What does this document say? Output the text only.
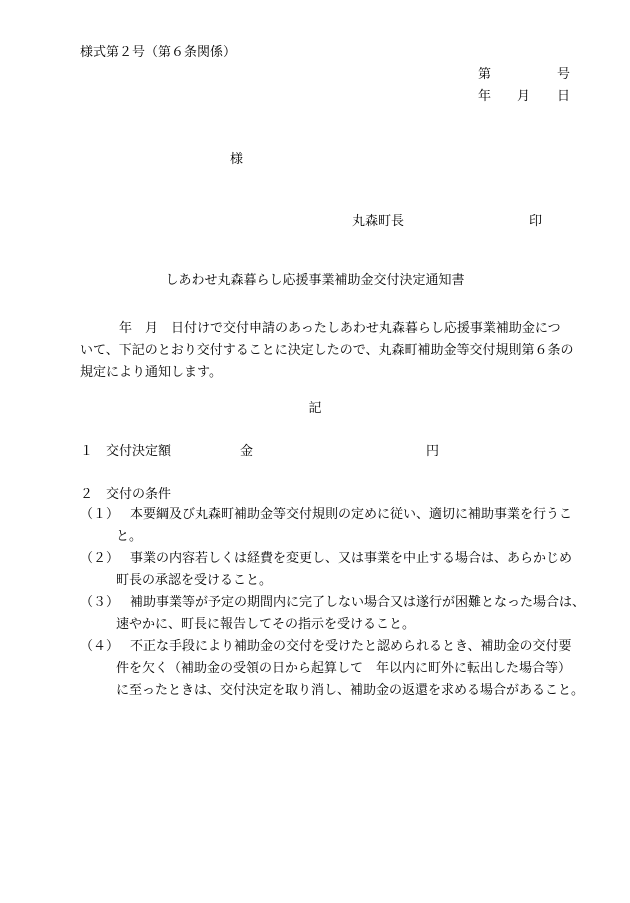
様式第２号（第６条関係）
第	号
年 月 日
様
丸森町長	印
しあわせ丸森暮らし応援事業補助金交付決定通知書
　年　月　日付けで交付申請のあったしあわせ丸森暮らし応援事業補助金につ
いて、下記のとおり交付することに決定したので、丸森町補助金等交付規則第６条の
規定により通知します。
記
１ 交付決定額	金	円
２　交付の条件
（１） 本要綱及び丸森町補助金等交付規則の定めに従い、適切に補助事業を行うこ
と。
（２） 事業の内容若しくは経費を変更し、又は事業を中止する場合は、あらかじめ
町長の承認を受けること。
（３） 補助事業等が予定の期間内に完了しない場合又は遂行が困難となった場合は、
速やかに、町長に報告してその指示を受けること。
（４） 不正な手段により補助金の交付を受けたと認められるとき、補助金の交付要
件を欠く（補助金の受領の日から起算して　年以内に町外に転出した場合等）
に至ったときは、交付決定を取り消し、補助金の返還を求める場合があること。
